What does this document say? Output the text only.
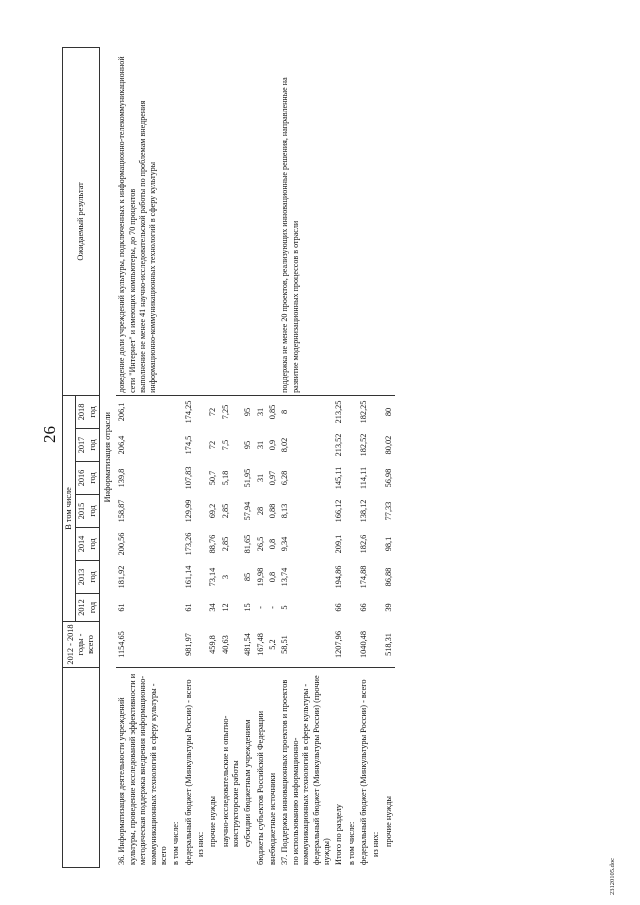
26
23120105.doc
	2012 - 2018 годы - всего	В том числе							Ожидаемый результат
		2012 год	2013 год	2014 год	2015 год	2016 год	2017 год	2018 год	
Информатизация отрасли									
36. Информатизация деятельности учреждений культуры, проведение исследований эффективности и методическая поддержка внедрения информационно-коммуникационных технологий в сферу культуры - всего	1154,65	61	181,92	200,56	158,87	139,8	206,4	206,1	доведение доли учреждений культуры, подключенных к информационно-телекоммуникационной сети "Интернет" и имеющих компьютеры, до 70 процентов
выполнение не менее 41 научно-исследовательской работы по проблемам внедрения информационно-коммуникационных технологий в сферу культуры
в том числе:									
федеральный бюджет (Минкультуры России) - всего	981,97	61	161,14	173,26	129,99	107,83	174,5	174,25	
из них:									
прочие нужды	459,8	34	73,14	88,76	69,2	50,7	72	72	
научно-исследовательские и опытно-конструкторские работы	40,63	12	3	2,85	2,85	5,18	7,5	7,25	
субсидии бюджетным учреждениям	481,54	15	85	81,65	57,94	51,95	95	95	
бюджеты субъектов Российской Федерации	167,48	-	19,98	26,5	28	31	31	31	
внебюджетные источники	5,2	-	0,8	0,8	0,88	0,97	0,9	0,85	
37. Поддержка инновационных проектов и проектов по использованию информационно-коммуникационных технологий в сфере культуры - федеральный бюджет (Минкультуры России) (прочие нужды)	58,51	5	13,74	9,34	8,13	6,28	8,02	8	поддержка не менее 20 проектов, реализующих инновационные решения, направленные на развитие модернизационных процессов в отрасли
Итого по разделу	1207,96	66	194,86	209,1	166,12	145,11	213,52	213,25	
в том числе:									
федеральный бюджет (Минкультуры России) - всего	1040,48	66	174,88	182,6	138,12	114,11	182,52	182,25	
из них:									
прочие нужды	518,31	39	86,88	98,1	77,33	56,98	80,02	80	
